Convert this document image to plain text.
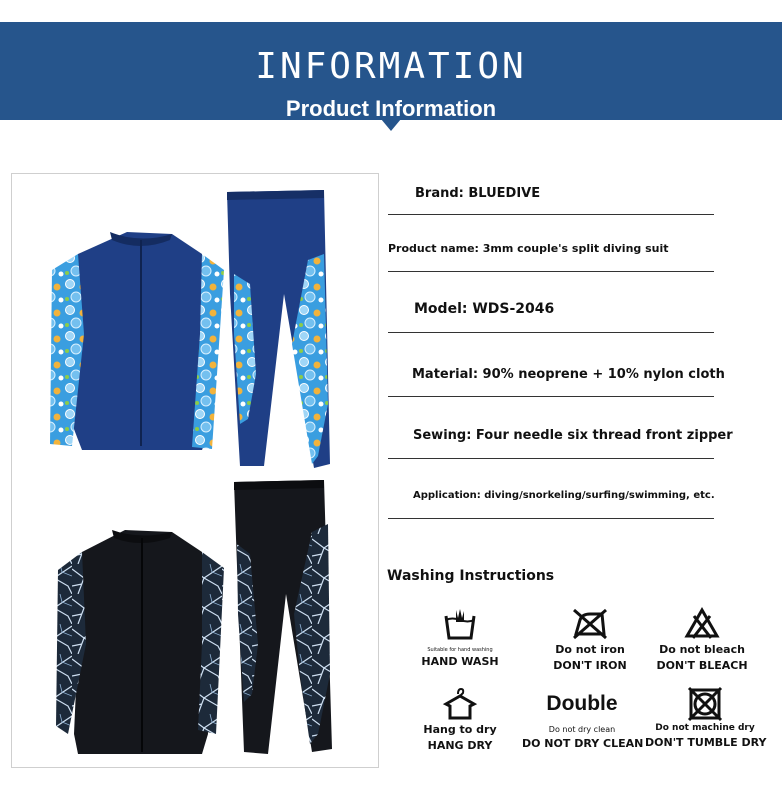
INFORMATION
Product Information
Brand: BLUEDIVE
Product name: 3mm couple's split diving suit
Model: WDS-2046
Material: 90% neoprene + 10% nylon cloth
Sewing: Four needle six thread front zipper
Application: diving/snorkeling/surfing/swimming, etc.
Washing Instructions
Suitable for hand washing
HAND WASH
Do not iron
DON'T IRON
Do not bleach
DON'T BLEACH
Hang to dry
HANG DRY
Double
Do not dry clean
DO NOT DRY CLEAN
Do not machine dry
DON'T TUMBLE DRY
